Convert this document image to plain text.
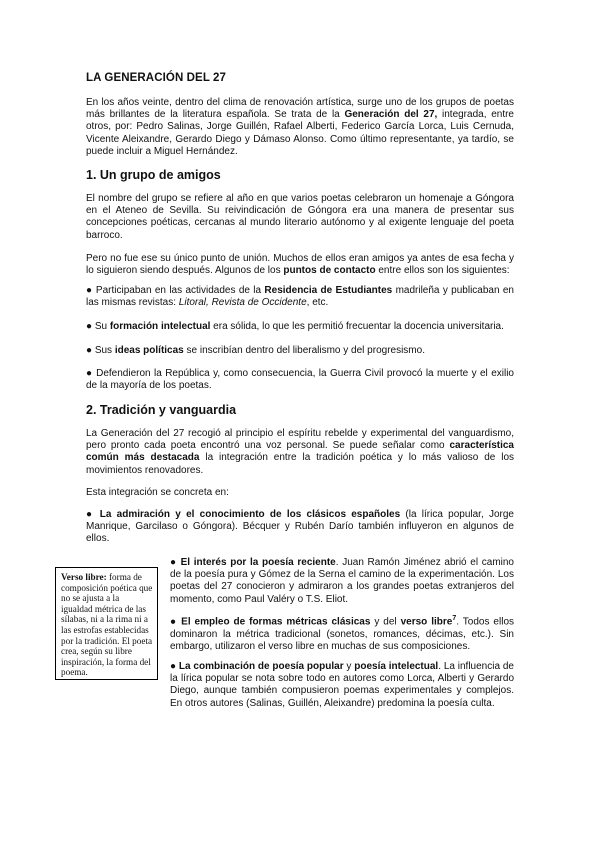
LA GENERACIÓN DEL 27

En los años veinte, dentro del clima de renovación artística, surge uno de los grupos de poetas más brillantes de la literatura española. Se trata de la Generación del 27, integrada, entre otros, por: Pedro Salinas, Jorge Guillén, Rafael Alberti, Federico García Lorca, Luis Cernuda, Vicente Aleixandre, Gerardo Diego y Dámaso Alonso. Como último representante, ya tardío, se puede incluir a Miguel Hernández.

1. Un grupo de amigos

El nombre del grupo se refiere al año en que varios poetas celebraron un homenaje a Góngora en el Ateneo de Sevilla. Su reivindicación de Góngora era una manera de presentar sus concepciones poéticas, cercanas al mundo literario autónomo y al exigente lenguaje del poeta barroco.

Pero no fue ese su único punto de unión. Muchos de ellos eran amigos ya antes de esa fecha y lo siguieron siendo después. Algunos de los puntos de contacto entre ellos son los siguientes:

● Participaban en las actividades de la Residencia de Estudiantes madrileña y publicaban en las mismas revistas: Litoral, Revista de Occidente, etc.

● Su formación intelectual era sólida, lo que les permitió frecuentar la docencia universitaria.

● Sus ideas políticas se inscribían dentro del liberalismo y del progresismo.

● Defendieron la República y, como consecuencia, la Guerra Civil provocó la muerte y el exilio de la mayoría de los poetas.

2. Tradición y vanguardia

La Generación del 27 recogió al principio el espíritu rebelde y experimental del vanguardismo, pero pronto cada poeta encontró una voz personal. Se puede señalar como característica común más destacada la integración entre la tradición poética y lo más valioso de los movimientos renovadores.

Esta integración se concreta en:

● La admiración y el conocimiento de los clásicos españoles (la lírica popular, Jorge Manrique, Garcilaso o Góngora). Bécquer y Rubén Darío también influyeron en algunos de ellos.

● El interés por la poesía reciente. Juan Ramón Jiménez abrió el camino de la poesía pura y Gómez de la Serna el camino de la experimentación. Los poetas del 27 conocieron y admiraron a los grandes poetas extranjeros del momento, como Paul Valéry o T.S. Eliot.

● El empleo de formas métricas clásicas y del verso libre$^7$. Todos ellos dominaron la métrica tradicional (sonetos, romances, décimas, etc.). Sin embargo, utilizaron el verso libre en muchas de sus composiciones.

● La combinación de poesía popular y poesía intelectual. La influencia de la lírica popular se nota sobre todo en autores como Lorca, Alberti y Gerardo Diego, aunque también compusieron poemas experimentales y complejos. En otros autores (Salinas, Guillén, Aleixandre) predomina la poesía culta.

Verso libre: forma de composición poética que no se ajusta a la igualdad métrica de las sílabas, ni a la rima ni a las estrofas establecidas por la tradición. El poeta crea, según su libre inspiración, la forma del poema.
